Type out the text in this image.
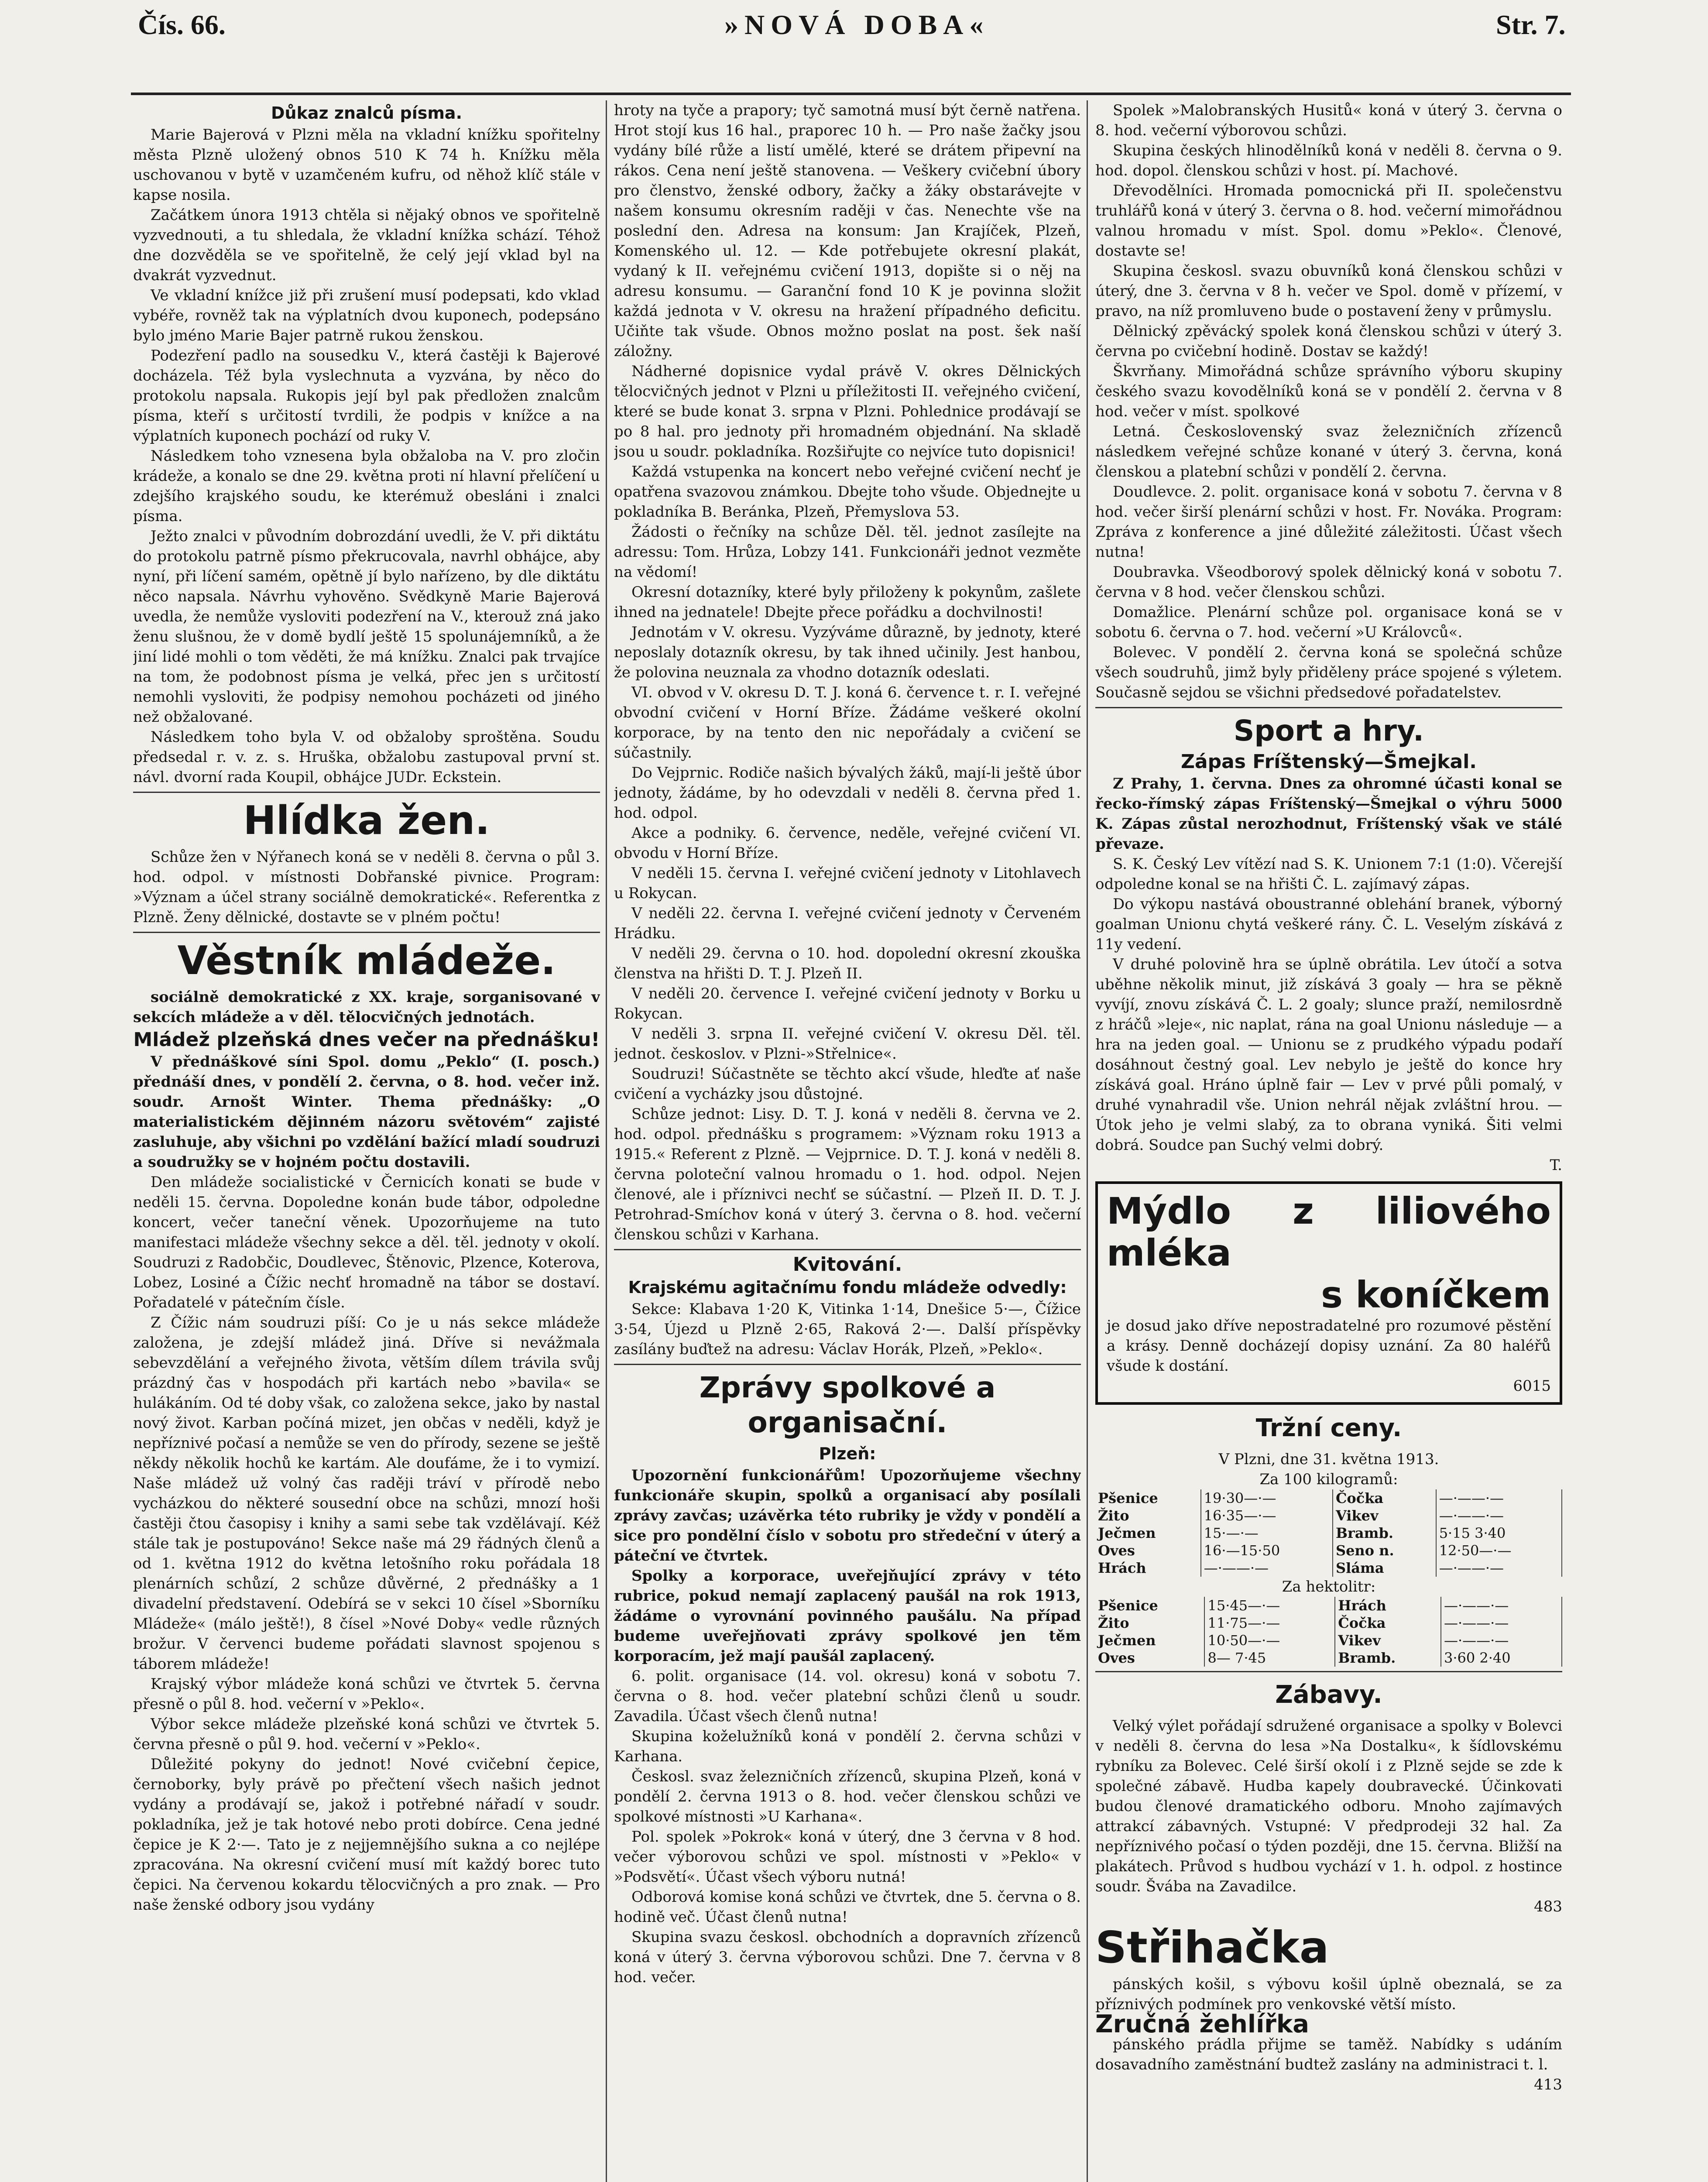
Čís. 66.	»NOVÁ DOBA«	Str. 7.
Důkaz znalců písma.

Marie Bajerová v Plzni měla na vkladní knížku spořitelny města Plzně uložený obnos 510 K 74 h. Knížku měla uschovanou v bytě v uzamčeném kufru, od něhož klíč stále v kapse nosila.

Začátkem února 1913 chtěla si nějaký obnos ve spořitelně vyzvednouti, a tu shledala, že vkladní knížka schází. Téhož dne dozvěděla se ve spořitelně, že celý její vklad byl na dvakrát vyzvednut.

Ve vkladní knížce již při zrušení musí podepsati, kdo vklad vybéře, rovněž tak na výplatních dvou kuponech, podepsáno bylo jméno Marie Bajer patrně rukou ženskou.

Podezření padlo na sousedku V., která častěji k Bajerové docházela. Též byla vyslechnuta a vyzvána, by něco do protokolu napsala. Rukopis její byl pak předložen znalcům písma, kteří s určitostí tvrdili, že podpis v knížce a na výplatních kuponech pochází od ruky V.

Následkem toho vznesena byla obžaloba na V. pro zločin krádeže, a konalo se dne 29. května proti ní hlavní přelíčení u zdejšího krajského soudu, ke kterémuž obesláni i znalci písma.

Ježto znalci v původním dobrozdání uvedli, že V. při diktátu do protokolu patrně písmo překrucovala, navrhl obhájce, aby nyní, při líčení samém, opětně jí bylo nařízeno, by dle diktátu něco napsala. Návrhu vyhověno. Svědkyně Marie Bajerová uvedla, že nemůže vysloviti podezření na V., kterouž zná jako ženu slušnou, že v domě bydlí ještě 15 spolunájemníků, a že jiní lidé mohli o tom věděti, že má knížku. Znalci pak trvajíce na tom, že podobnost písma je velká, přec jen s určitostí nemohli vysloviti, že podpisy nemohou pocházeti od jiného než obžalované.

Následkem toho byla V. od obžaloby sproštěna. Soudu předsedal r. v. z. s. Hruška, obžalobu zastupoval první st. návl. dvorní rada Koupil, obhájce JUDr. Eckstein.

Hlídka žen.

Schůze žen v Nýřanech koná se v neděli 8. června o půl 3. hod. odpol. v místnosti Dobřanské pivnice. Program: »Význam a účel strany sociálně demokratické«. Referentka z Plzně. Ženy dělnické, dostavte se v plném počtu!

Věstník mládeže.

sociálně demokratické z XX. kraje, sorganisované v sekcích mládeže a v děl. tělocvičných jednotách.

Mládež plzeňská dnes večer na přednášku!

V přednáškové síni Spol. domu „Peklo“ (I. posch.) přednáší dnes, v pondělí 2. června, o 8. hod. večer inž. soudr. Arnošt Winter. Thema přednášky: „O materialistickém dějinném názoru světovém“ zajisté zasluhuje, aby všichni po vzdělání bažící mladí soudruzi a soudružky se v hojném počtu dostavili.

Den mládeže socialistické v Černicích konati se bude v neděli 15. června. Dopoledne konán bude tábor, odpoledne koncert, večer taneční věnek. Upozorňujeme na tuto manifestaci mládeže všechny sekce a děl. těl. jednoty v okolí. Soudruzi z Radobčic, Doudlevec, Štěnovic, Plzence, Koterova, Lobez, Losiné a Čížic nechť hromadně na tábor se dostaví. Pořadatelé v pátečním čísle.

Z Čížic nám soudruzi píší: Co je u nás sekce mládeže založena, je zdejší mládež jiná. Dříve si nevážmala sebevzdělání a veřejného života, větším dílem trávila svůj prázdný čas v hospodách při kartách nebo »bavila« se hulákáním. Od té doby však, co založena sekce, jako by nastal nový život. Karban počíná mizet, jen občas v neděli, když je nepříznivé počasí a nemůže se ven do přírody, sezene se ještě někdy několik hochů ke kartám. Ale doufáme, že i to vymizí. Naše mládež už volný čas raději tráví v přírodě nebo vycházkou do některé sousední obce na schůzi, mnozí hoši častěji čtou časopisy i knihy a sami sebe tak vzdělávají. Kéž stále tak je postupováno! Sekce naše má 29 řádných členů a od 1. května 1912 do května letošního roku pořádala 18 plenárních schůzí, 2 schůze důvěrné, 2 přednášky a 1 divadelní představení. Odebírá se v sekci 10 čísel »Sborníku Mládeže« (málo ještě!), 8 čísel »Nové Doby« vedle různých brožur. V červenci budeme pořádati slavnost spojenou s táborem mládeže!

Krajský výbor mládeže koná schůzi ve čtvrtek 5. června přesně o půl 8. hod. večerní v »Peklo«.

Výbor sekce mládeže plzeňské koná schůzi ve čtvrtek 5. června přesně o půl 9. hod. večerní v »Peklo«.

Důležité pokyny do jednot! Nové cvičební čepice, černoborky, byly právě po přečtení všech našich jednot vydány a prodávají se, jakož i potřebné nářadí v soudr. pokladníka, jež je tak hotové nebo proti dobírce. Cena jedné čepice je K 2·—. Tato je z nejjemnějšího sukna a co nejlépe zpracována. Na okresní cvičení musí mít každý borec tuto čepici. Na červenou kokardu tělocvičných a pro znak. — Pro naše ženské odbory jsou vydány

hroty na tyče a prapory; tyč samotná musí být černě natřena. Hrot stojí kus 16 hal., praporec 10 h. — Pro naše žačky jsou vydány bílé růže a listí umělé, které se drátem připevní na rákos. Cena není ještě stanovena. — Veškery cvičební úbory pro členstvo, ženské odbory, žačky a žáky obstarávejte v našem konsumu okresním raději v čas. Nenechte vše na poslední den. Adresa na konsum: Jan Krajíček, Plzeň, Komenského ul. 12. — Kde potřebujete okresní plakát, vydaný k II. veřejnému cvičení 1913, dopište si o něj na adresu konsumu. — Garanční fond 10 K je povinna složit každá jednota v V. okresu na hražení případného deficitu. Učiňte tak všude. Obnos možno poslat na post. šek naší záložny.

Nádherné dopisnice vydal právě V. okres Dělnických tělocvičných jednot v Plzni u příležitosti II. veřejného cvičení, které se bude konat 3. srpna v Plzni. Pohlednice prodávají se po 8 hal. pro jednoty při hromadném objednání. Na skladě jsou u soudr. pokladníka. Rozšiřujte co nejvíce tuto dopisnici!

Každá vstupenka na koncert nebo veřejné cvičení nechť je opatřena svazovou známkou. Dbejte toho všude. Objednejte u pokladníka B. Beránka, Plzeň, Přemyslova 53.

Žádosti o řečníky na schůze Děl. těl. jednot zasílejte na adressu: Tom. Hrůza, Lobzy 141. Funkcionáři jednot vezměte na vědomí!

Okresní dotazníky, které byly přiloženy k pokynům, zašlete ihned na jednatele! Dbejte přece pořádku a dochvilnosti!

Jednotám v V. okresu. Vyzýváme důrazně, by jednoty, které neposlaly dotazník okresu, by tak ihned učinily. Jest hanbou, že polovina neuznala za vhodno dotazník odeslati.

VI. obvod v V. okresu D. T. J. koná 6. července t. r. I. veřejné obvodní cvičení v Horní Bříze. Žádáme veškeré okolní korporace, by na tento den nic nepořádaly a cvičení se súčastnily.

Do Vejprnic. Rodiče našich bývalých žáků, mají-li ještě úbor jednoty, žádáme, by ho odevzdali v neděli 8. června před 1. hod. odpol.

Akce a podniky. 6. července, neděle, veřejné cvičení VI. obvodu v Horní Bříze.

V neděli 15. června I. veřejné cvičení jednoty v Litohlavech u Rokycan.

V neděli 22. června I. veřejné cvičení jednoty v Červeném Hrádku.

V neděli 29. června o 10. hod. dopolední okresní zkouška členstva na hřišti D. T. J. Plzeň II.

V neděli 20. července I. veřejné cvičení jednoty v Borku u Rokycan.

V neděli 3. srpna II. veřejné cvičení V. okresu Děl. těl. jednot. českoslov. v Plzni-»Střelnice«.

Soudruzi! Súčastněte se těchto akcí všude, hleďte ať naše cvičení a vycházky jsou důstojné.

Schůze jednot: Lisy. D. T. J. koná v neděli 8. června ve 2. hod. odpol. přednášku s programem: »Význam roku 1913 a 1915.« Referent z Plzně. — Vejprnice. D. T. J. koná v neděli 8. června poloteční valnou hromadu o 1. hod. odpol. Nejen členové, ale i příznivci nechť se súčastní. — Plzeň II. D. T. J. Petrohrad-Smíchov koná v úterý 3. června o 8. hod. večerní členskou schůzi v Karhana.

Kvitování.
Krajskému agitačnímu fondu mládeže odvedly:

Sekce: Klabava 1·20 K, Vitinka 1·14, Dnešice 5·—, Čížice 3·54, Újezd u Plzně 2·65, Raková 2·—. Další příspěvky zasílány buďtež na adresu: Václav Horák, Plzeň, »Peklo«.

Zprávy spolkové a organisační.
Plzeň:

Upozornění funkcionářům! Upozorňujeme všechny funkcionáře skupin, spolků a organisací aby posílali zprávy zavčas; uzávěrka této rubriky je vždy v pondělí a sice pro pondělní číslo v sobotu pro středeční v úterý a páteční ve čtvrtek.

Spolky a korporace, uveřejňující zprávy v této rubrice, pokud nemají zaplacený paušál na rok 1913, žádáme o vyrovnání povinného paušálu. Na případ budeme uveřejňovati zprávy spolkové jen těm korporacím, jež mají paušál zaplacený.

6. polit. organisace (14. vol. okresu) koná v sobotu 7. června o 8. hod. večer platební schůzi členů u soudr. Zavadila. Účast všech členů nutna!

Skupina koželužníků koná v pondělí 2. června schůzi v Karhana.

Českosl. svaz železničních zřízenců, skupina Plzeň, koná v pondělí 2. června 1913 o 8. hod. večer členskou schůzi ve spolkové místnosti »U Karhana«.

Pol. spolek »Pokrok« koná v úterý, dne 3 června v 8 hod. večer výborovou schůzi ve spol. místnosti v »Peklo« v »Podsvětí«. Účast všech výboru nutná!

Odborová komise koná schůzi ve čtvrtek, dne 5. června o 8. hodině več. Účast členů nutna!

Skupina svazu českosl. obchodních a dopravních zřízenců koná v úterý 3. června výborovou schůzi. Dne 7. června v 8 hod. večer.

Spolek »Malobranských Husitů« koná v úterý 3. června o 8. hod. večerní výborovou schůzi.

Skupina českých hlinodělníků koná v neděli 8. června o 9. hod. dopol. členskou schůzi v host. pí. Machové.

Dřevodělníci. Hromada pomocnická při II. společenstvu truhlářů koná v úterý 3. června o 8. hod. večerní mimořádnou valnou hromadu v míst. Spol. domu »Peklo«. Členové, dostavte se!

Skupina českosl. svazu obuvníků koná členskou schůzi v úterý, dne 3. června v 8 h. večer ve Spol. domě v přízemí, v pravo, na níž promluveno bude o postavení ženy v průmyslu.

Dělnický zpěvácký spolek koná členskou schůzi v úterý 3. června po cvičební hodině. Dostav se každý!

Škvrňany. Mimořádná schůze správního výboru skupiny českého svazu kovodělníků koná se v pondělí 2. června v 8 hod. večer v míst. spolkové

Letná. Československý svaz železničních zřízenců následkem veřejné schůze konané v úterý 3. června, koná členskou a platební schůzi v pondělí 2. června.

Doudlevce. 2. polit. organisace koná v sobotu 7. června v 8 hod. večer širší plenární schůzi v host. Fr. Nováka. Program: Zpráva z konference a jiné důležité záležitosti. Účast všech nutna!

Doubravka. Všeodborový spolek dělnický koná v sobotu 7. června v 8 hod. večer členskou schůzi.

Domažlice. Plenární schůze pol. organisace koná se v sobotu 6. června o 7. hod. večerní »U Královců«.

Bolevec. V pondělí 2. června koná se společná schůze všech soudruhů, jimž byly přiděleny práce spojené s výletem. Současně sejdou se všichni předsedové pořadatelstev.

Sport a hry.
Zápas Fríštenský—Šmejkal.

Z Prahy, 1. června. Dnes za ohromné účasti konal se řecko-římský zápas Fríštenský—Šmejkal o výhru 5000 K. Zápas zůstal nerozhodnut, Fríštenský však ve stálé převaze.

S. K. Český Lev vítězí nad S. K. Unionem 7:1 (1:0). Včerejší odpoledne konal se na hřišti Č. L. zajímavý zápas.

Do výkopu nastává oboustranné oblehání branek, výborný goalman Unionu chytá veškeré rány. Č. L. Veselým získává z 11y vedení.

V druhé polovině hra se úplně obrátila. Lev útočí a sotva uběhne několik minut, již získává 3 goaly — hra se pěkně vyvíjí, znovu získává Č. L. 2 goaly; slunce praží, nemilosrdně z hráčů »leje«, nic naplat, rána na goal Unionu následuje — a hra na jeden goal. — Unionu se z prudkého výpadu podaří dosáhnout čestný goal. Lev nebylo je ještě do konce hry získává goal. Hráno úplně fair — Lev v prvé půli pomalý, v druhé vynahradil vše. Union nehrál nějak zvláštní hrou. — Útok jeho je velmi slabý, za to obrana vyniká. Šiti velmi dobrá. Soudce pan Suchý velmi dobrý.

T.
Mýdlo z liliového mléka
s koníčkem
je dosud jako dříve nepostradatelné pro rozumové pěstění a krásy. Denně docházejí dopisy uznání. Za 80 haléřů všude k dostání.
6015
Tržní ceny.
V Plzni, dne 31. května 1913.
Za 100 kilogramů:
Pšenice	19·30—·—	Čočka	—·——·—
Žito	16·35—·—	Vikev	—·——·—
Ječmen	15·—·—	Bramb.	5·15 3·40
Oves	16·—15·50	Seno n.	12·50—·—
Hrách	—·——·—	Sláma	—·——·—
Za hektolitr:
Pšenice	15·45—·—	Hrách	—·——·—
Žito	11·75—·—	Čočka	—·——·—
Ječmen	10·50—·—	Vikev	—·——·—
Oves	8— 7·45	Bramb.	3·60 2·40
Zábavy.

Velký výlet pořádají sdružené organisace a spolky v Bolevci v neděli 8. června do lesa »Na Dostalku«, k šídlovskému rybníku za Bolevec. Celé širší okolí i z Plzně sejde se zde k společné zábavě. Hudba kapely doubravecké. Účinkovati budou členové dramatického odboru. Mnoho zajímavých attrakcí zábavných. Vstupné: V předprodeji 32 hal. Za nepříznivého počasí o týden později, dne 15. června. Bližší na plakátech. Průvod s hudbou vychází v 1. h. odpol. z hostince soudr. Švába na Zavadilce.

483
Střihačka

pánských košil, s výbovu košil úplně obeznalá, se za příznivých podmínek pro venkovské větší místo.

Zručná žehlířka

pánského prádla přijme se taměž. Nabídky s udáním dosavadního zaměstnání budtež zaslány na administraci t. l.

413
